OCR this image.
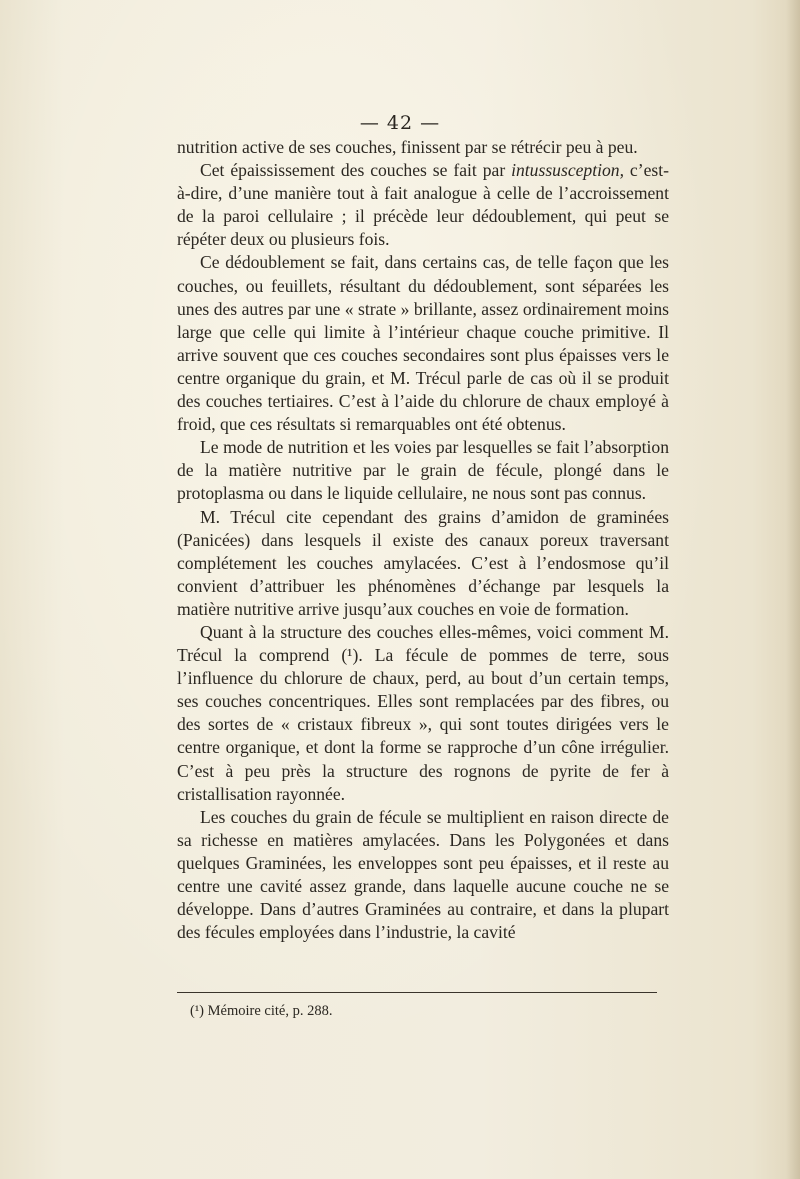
— 42 —

nutrition active de ses couches, finissent par se rétrécir peu à peu.

Cet épaississement des couches se fait par intussusception, c’est-à-dire, d’une manière tout à fait analogue à celle de l’accroissement de la paroi cellulaire ; il précède leur dédoublement, qui peut se répéter deux ou plusieurs fois.

Ce dédoublement se fait, dans certains cas, de telle façon que les couches, ou feuillets, résultant du dédoublement, sont séparées les unes des autres par une « strate » brillante, assez ordinairement moins large que celle qui limite à l’intérieur chaque couche primitive. Il arrive souvent que ces couches secondaires sont plus épaisses vers le centre organique du grain, et M. Trécul parle de cas où il se produit des couches tertiaires. C’est à l’aide du chlorure de chaux employé à froid, que ces résultats si remarquables ont été obtenus.

Le mode de nutrition et les voies par lesquelles se fait l’absorption de la matière nutritive par le grain de fécule, plongé dans le protoplasma ou dans le liquide cellulaire, ne nous sont pas connus.

M. Trécul cite cependant des grains d’amidon de graminées (Panicées) dans lesquels il existe des canaux poreux traversant complétement les couches amylacées. C’est à l’endosmose qu’il convient d’attribuer les phénomènes d’échange par lesquels la matière nutritive arrive jusqu’aux couches en voie de formation.

Quant à la structure des couches elles-mêmes, voici comment M. Trécul la comprend (¹). La fécule de pommes de terre, sous l’influence du chlorure de chaux, perd, au bout d’un certain temps, ses couches concentriques. Elles sont remplacées par des fibres, ou des sortes de « cristaux fibreux », qui sont toutes dirigées vers le centre organique, et dont la forme se rapproche d’un cône irrégulier. C’est à peu près la structure des rognons de pyrite de fer à cristallisation rayonnée.

Les couches du grain de fécule se multiplient en raison directe de sa richesse en matières amylacées. Dans les Polygonées et dans quelques Graminées, les enveloppes sont peu épaisses, et il reste au centre une cavité assez grande, dans laquelle aucune couche ne se développe. Dans d’autres Graminées au contraire, et dans la plupart des fécules employées dans l’industrie, la cavité

(¹) Mémoire cité, p. 288.
